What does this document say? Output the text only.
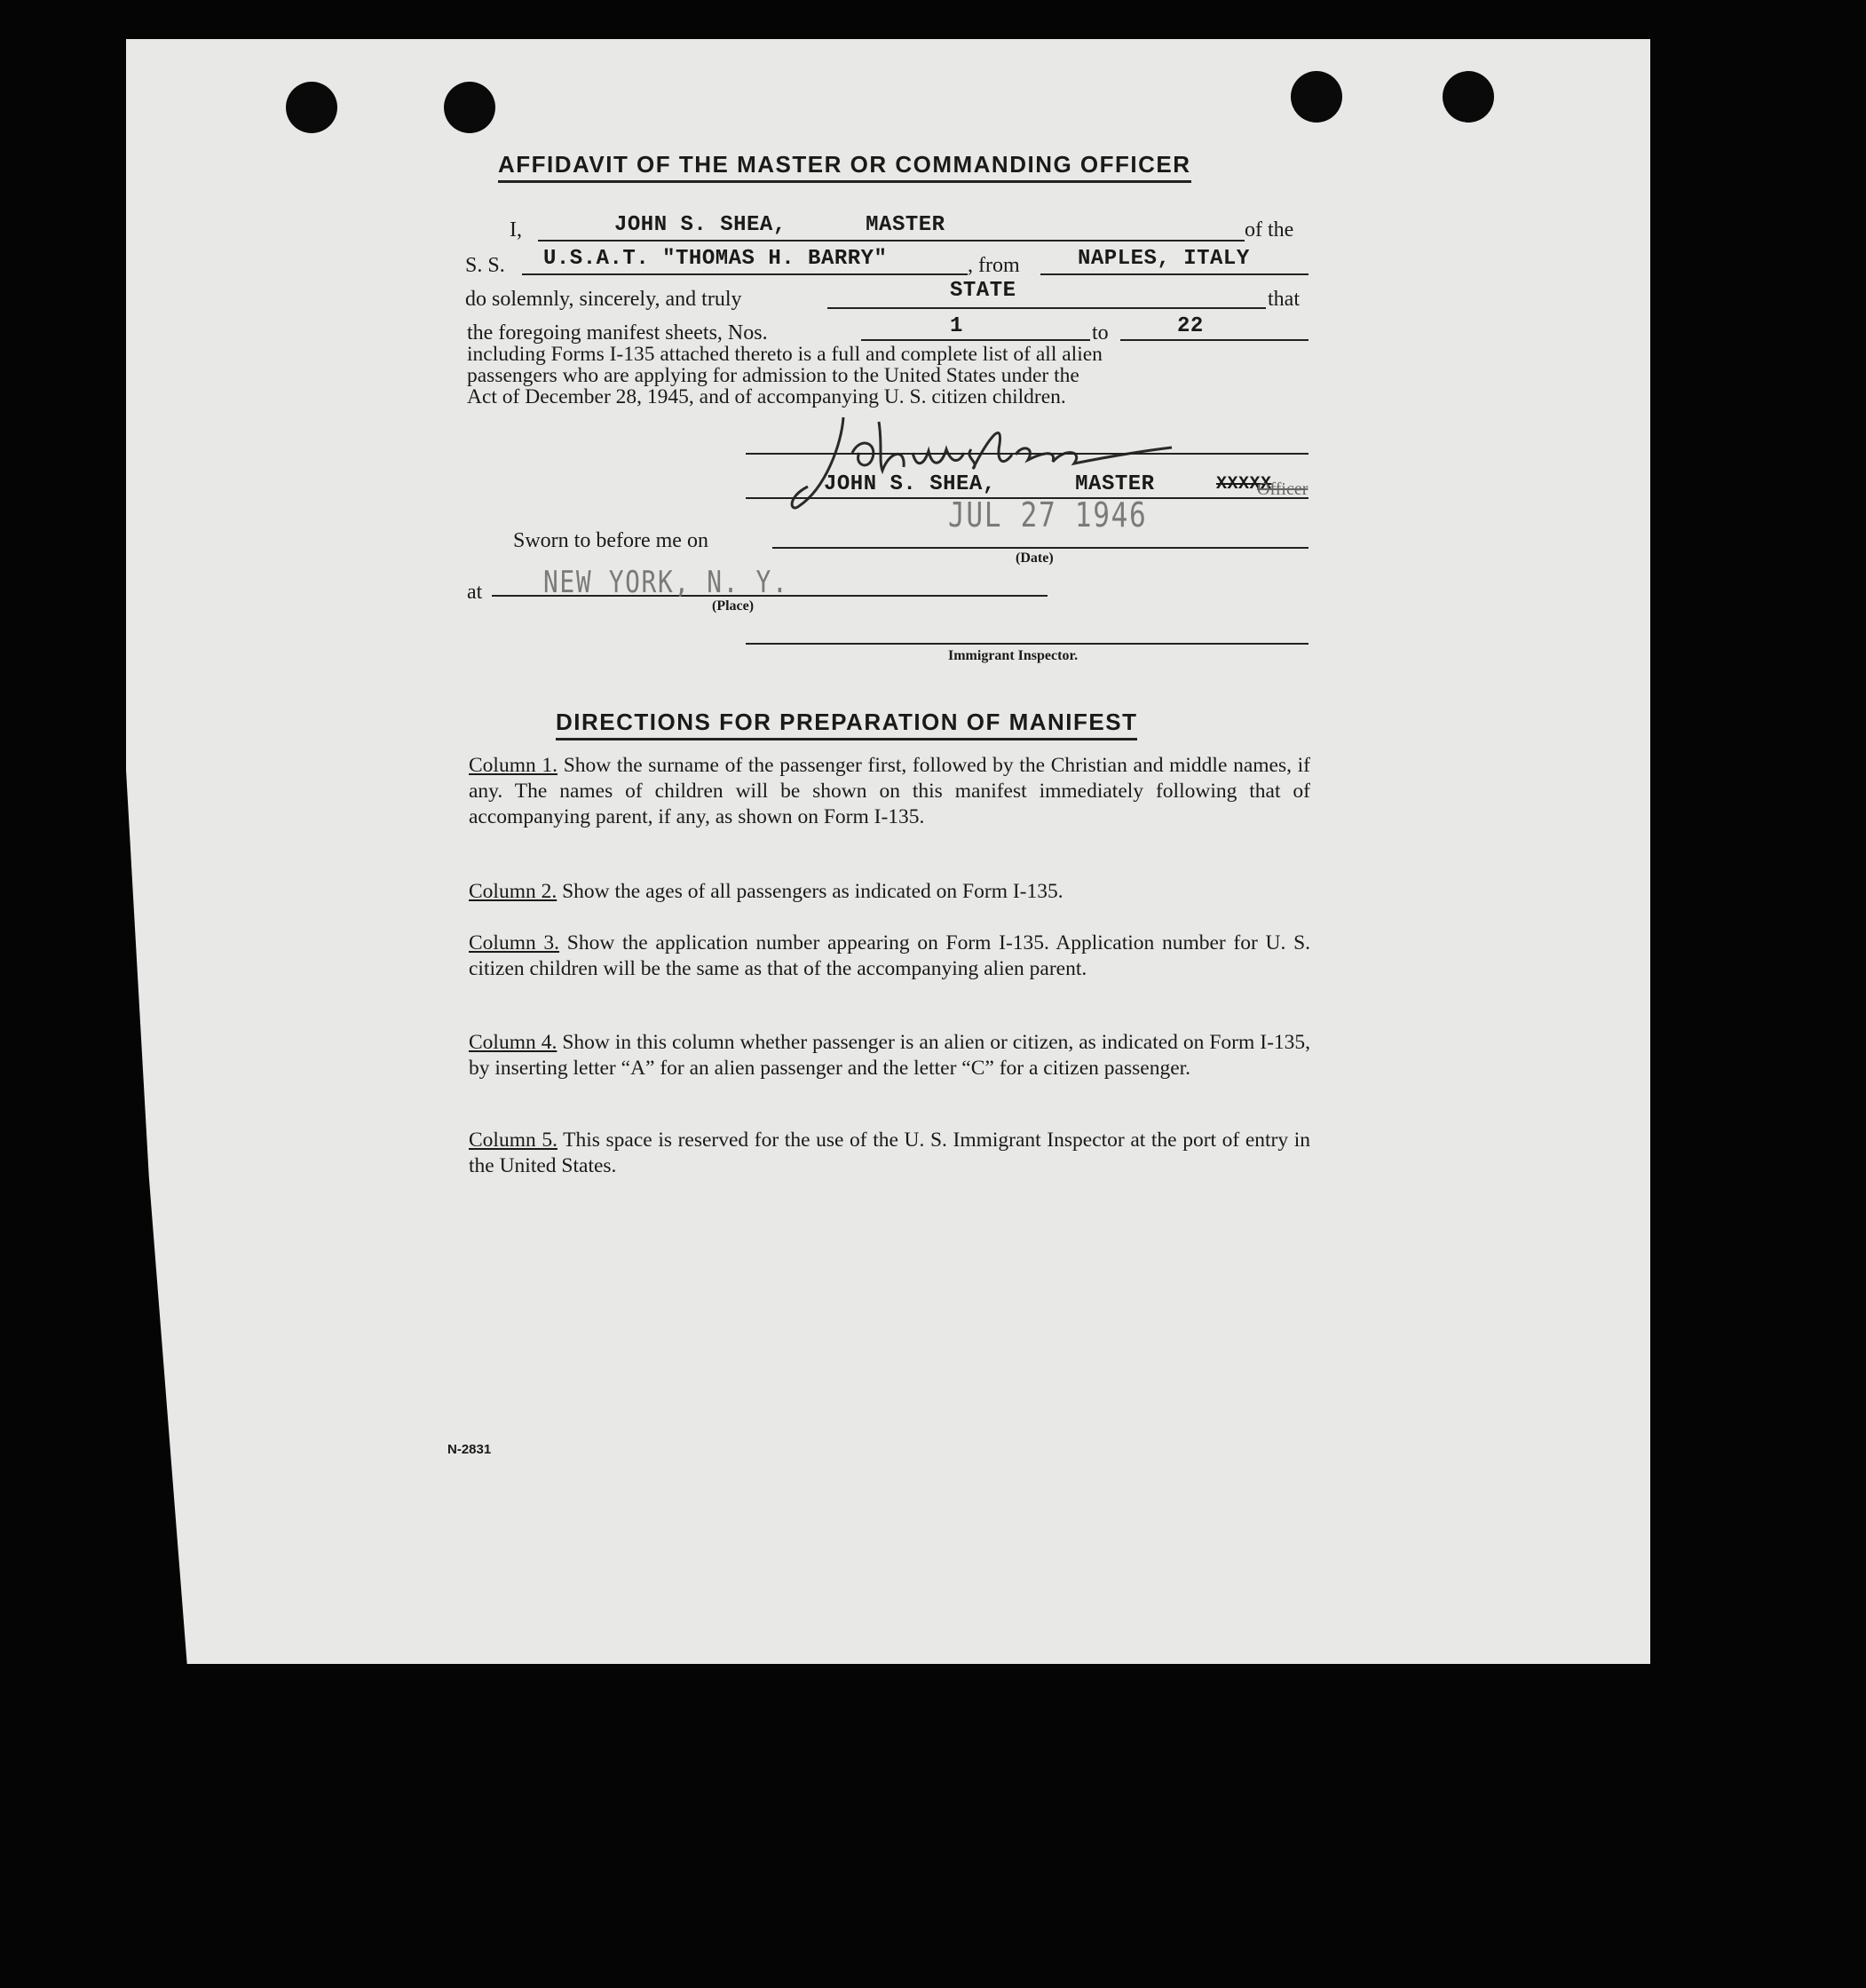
AFFIDAVIT OF THE MASTER OR COMMANDING OFFICER
I,	JOHN S. SHEA,      MASTER	of the
S. S. U.S.A.T. "THOMAS H. BARRY"	, from	NAPLES, ITALY
do solemnly, sincerely, and truly	STATE	that
the foregoing manifest sheets, Nos.	1	to	22
including Forms I-135 attached thereto is a full and complete list of all alien
passengers who are applying for admission to the United States under the
Act of December 28, 1945, and of accompanying U. S. citizen children.
JOHN S. SHEA,      MASTER	XXXXX
Officer
JUL 27 1946
Sworn to before me on
(Date)
at NEW YORK, N. Y.
(Place)
Immigrant Inspector.
DIRECTIONS FOR PREPARATION OF MANIFEST
Column 1. Show the surname of the passenger first, followed by the Christian and middle names, if any. The names of children will be shown on this manifest immediately following that of accompanying parent, if any, as shown on Form I-135.
Column 2. Show the ages of all passengers as indicated on Form I-135.
Column 3. Show the application number appearing on Form I-135. Application number for U. S. citizen children will be the same as that of the accompanying alien parent.
Column 4. Show in this column whether passenger is an alien or citizen, as indicated on Form I-135, by inserting letter “A” for an alien passenger and the letter “C” for a citizen passenger.
Column 5. This space is reserved for the use of the U. S. Immigrant Inspector at the port of entry in the United States.
N-2831
